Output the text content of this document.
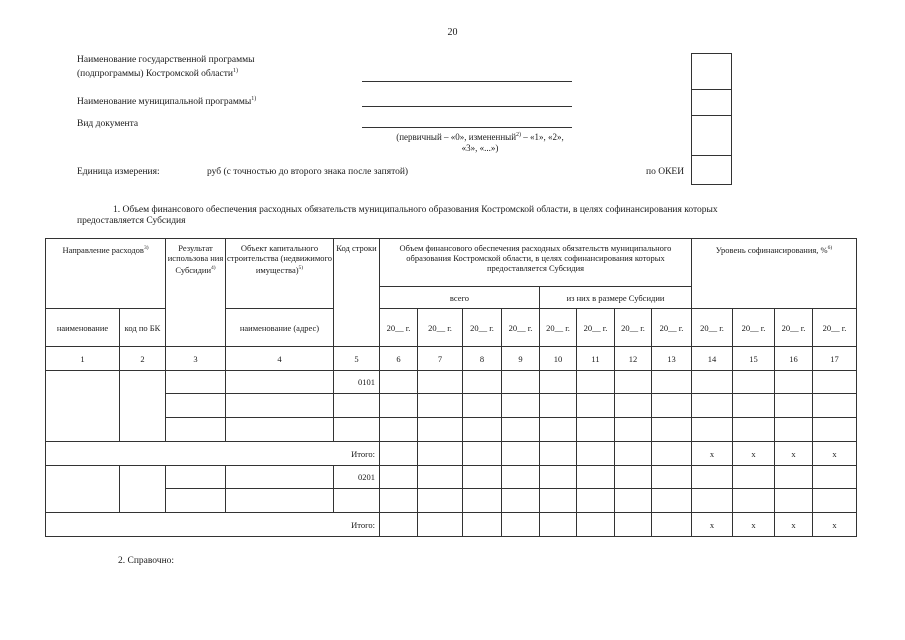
20
Наименование государственной программы
(подпрограммы) Костромской области$^{1)}$
Наименование муниципальной программы$^{1)}$
Вид документа
(первичный – «0», измененный$^{2)}$ – «1», «2»,
«3», «...»)
Единица измерения:	руб (с точностью до второго знака после запятой)	по ОКЕИ
1. Объем финансового обеспечения расходных обязательств муниципального образования Костромской области, в целях софинансирования которых
предоставляется Субсидия
Направление расходов$^{3)}$		Результат использова ния Субсидии$^{4)}$	Объект капитального строительства (недвижимого имущества)$^{5)}$	Код строки	Объем финансового обеспечения расходных обязательств муниципального образования Костромской области, в целях софинансирования которых предоставляется Субсидия								Уровень софинансирования, %$^{6)}$
					всего				из них в размере Субсидии							
наименование	код по БК		наименование (адрес)		20__ г.	20__ г.	20__ г.	20__ г.	20__ г.	20__ г.	20__ г.	20__ г.	20__ г.	20__ г.	20__ г.	20__ г.
1	2	3	4	5	6	7	8	9	10	11	12	13	14	15	16	17
				0101												

Итого:													x	x	x	x
				0201												

Итого:													x	x	x	x
2. Справочно:
